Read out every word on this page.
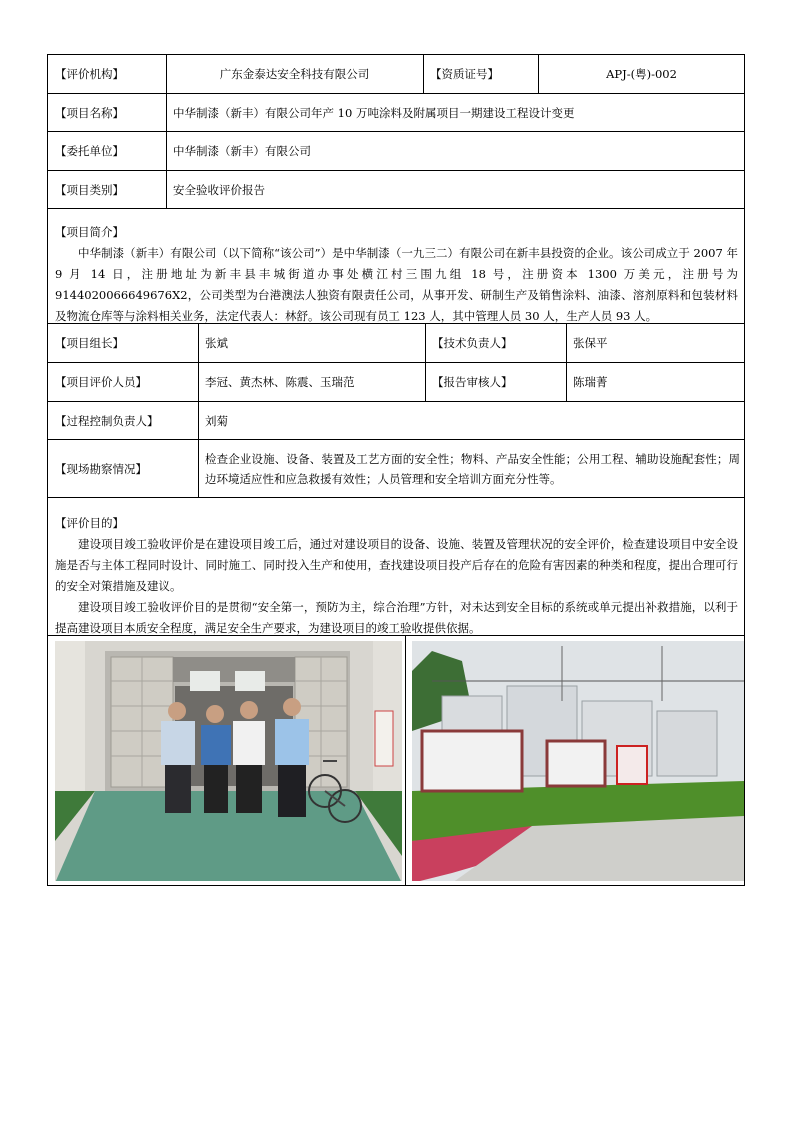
【评价机构】	广东金泰达安全科技有限公司	【资质证号】	APJ-(粤)-002
【项目名称】	中华制漆（新丰）有限公司年产 10 万吨涂料及附属项目一期建设工程设计变更
【委托单位】	中华制漆（新丰）有限公司
【项目类别】	安全验收评价报告

【项目简介】

中华制漆（新丰）有限公司（以下简称“该公司”）是中华制漆（一九三二）有限公司在新丰县投资的企业。该公司成立于 2007 年 9 月 14 日，注册地址为新丰县丰城街道办事处横江村三围九组 18 号，注册资本 1300 万美元，注册号为 9144020066649676X2，公司类型为台港澳法人独资有限责任公司，从事开发、研制生产及销售涂料、油漆、溶剂原料和包装材料及物流仓库等与涂料相关业务，法定代表人：林舒。该公司现有员工 123 人，其中管理人员 30 人，生产人员 93 人。

【项目组长】	张斌	【技术负责人】	张保平
【项目评价人员】	李冠、黄杰林、陈震、玉瑞范	【报告审核人】	陈瑞菁
【过程控制负责人】	刘菊
【现场勘察情况】
检查企业设施、设备、装置及工艺方面的安全性；物料、产品安全性能；公用工程、辅助设施配套性；周边环境适应性和应急救援有效性；人员管理和安全培训方面充分性等。

【评价目的】

建设项目竣工验收评价是在建设项目竣工后，通过对建设项目的设备、设施、装置及管理状况的安全评价，检查建设项目中安全设施是否与主体工程同时设计、同时施工、同时投入生产和使用，查找建设项目投产后存在的危险有害因素的种类和程度，提出合理可行的安全对策措施及建议。

建设项目竣工验收评价目的是贯彻“安全第一，预防为主，综合治理”方针，对未达到安全目标的系统或单元提出补救措施，以利于提高建设项目本质安全程度，满足安全生产要求，为建设项目的竣工验收提供依据。
